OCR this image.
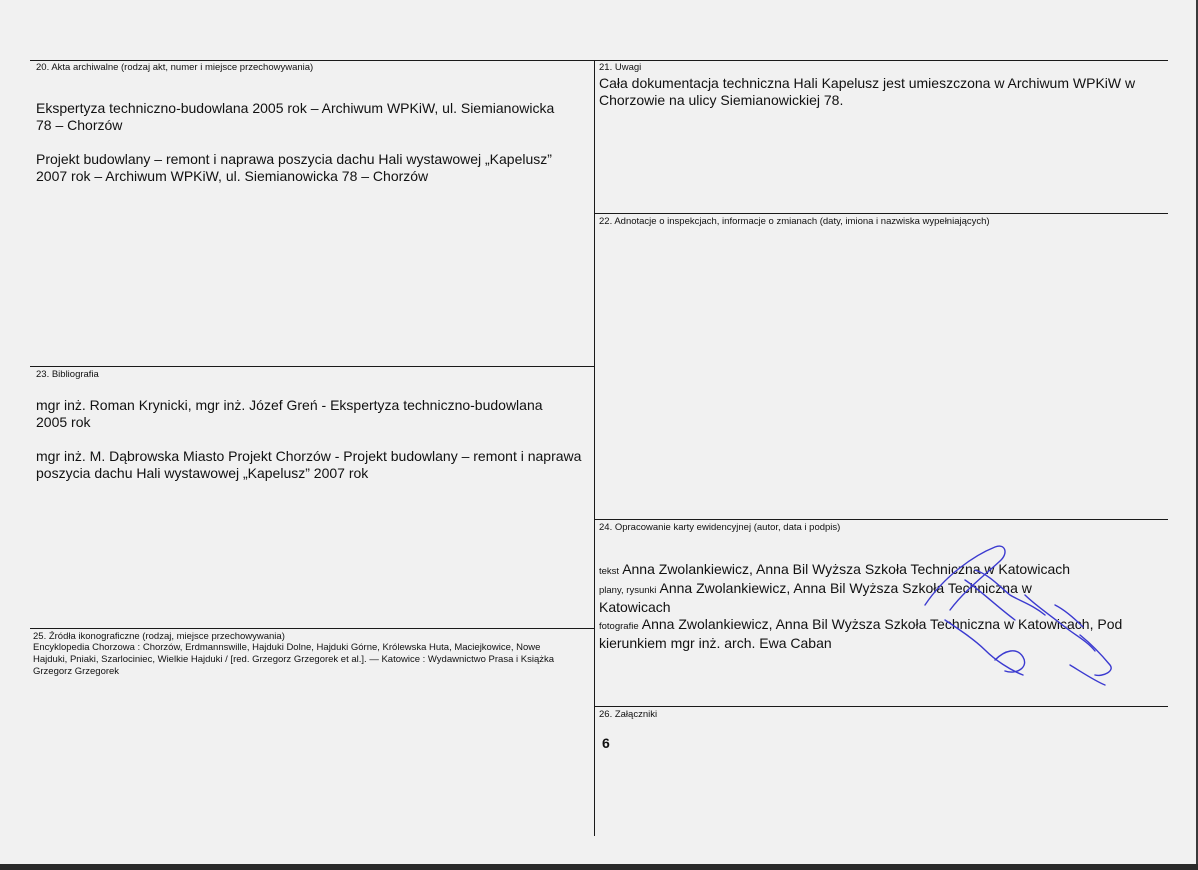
20. Akta archiwalne (rodzaj akt, numer i miejsce przechowywania)

Ekspertyza techniczno-budowlana 2005 rok – Archiwum WPKiW, ul. Siemianowicka 78 – Chorzów

Projekt budowlany – remont i naprawa poszycia dachu Hali wystawowej „Kapelusz” 2007 rok – Archiwum WPKiW, ul. Siemianowicka 78 – Chorzów

21. Uwagi
Cała dokumentacja techniczna Hali Kapelusz jest umieszczona w Archiwum WPKiW w Chorzowie na ulicy Siemianowickiej 78.
22. Adnotacje o inspekcjach, informacje o zmianach (daty, imiona i nazwiska wypełniających)
23. Bibliografia

mgr inż. Roman Krynicki, mgr inż. Józef Greń - Ekspertyza techniczno-budowlana 2005 rok

mgr inż. M. Dąbrowska Miasto Projekt Chorzów - Projekt budowlany – remont i naprawa poszycia dachu Hali wystawowej „Kapelusz” 2007 rok

24. Opracowanie karty ewidencyjnej (autor, data i podpis)
tekst Anna Zwolankiewicz, Anna Bil Wyższa Szkoła Techniczna w Katowicach
plany, rysunki Anna Zwolankiewicz, Anna Bil Wyższa Szkoła Techniczna w Katowicach
fotografie Anna Zwolankiewicz, Anna Bil Wyższa Szkoła Techniczna w Katowicach, Pod kierunkiem mgr inż. arch. Ewa Caban
25. Źródła ikonograficzne (rodzaj, miejsce przechowywania)
Encyklopedia Chorzowa : Chorzów, Erdmannswille, Hajduki Dolne, Hajduki Górne, Królewska Huta, Maciejkowice, Nowe Hajduki, Pniaki, Szarlociniec, Wielkie Hajduki / [red. Grzegorz Grzegorek et al.]. — Katowice : Wydawnictwo Prasa i Książka Grzegorz Grzegorek
26. Załączniki
6
